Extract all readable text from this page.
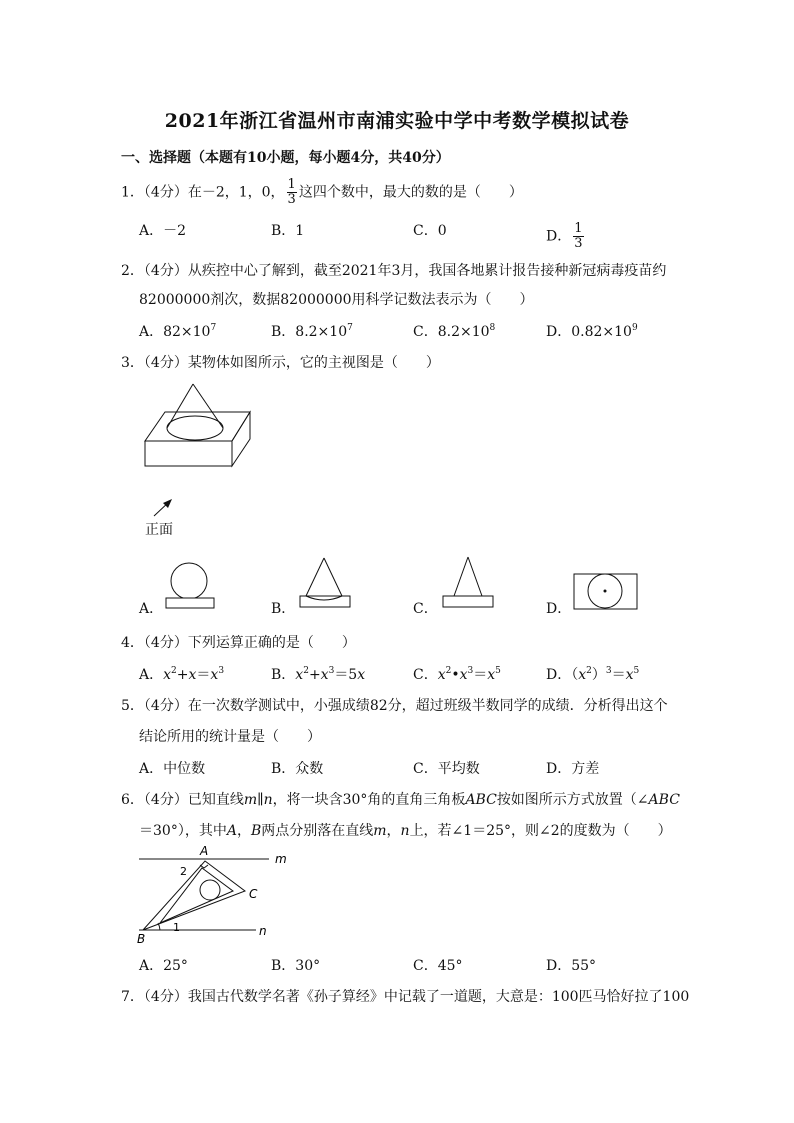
2021年浙江省温州市南浦实验中学中考数学模拟试卷
一、选择题（本题有10小题，每小题4分，共40分）
1．（4分）在－2，1，0， $\frac{1}{3}$ 这四个数中，最大的数的是（　　）
A．－2	B．1	C．0	D． $\frac{1}{3}$
2．（4分）从疾控中心了解到，截至2021年3月，我国各地累计报告接种新冠病毒疫苗约
82000000剂次，数据82000000用科学记数法表示为（　　）
A．$82\times 10^7$	B．$8.2\times 10^7$	C．$8.2\times 10^8$	D．$0.82\times 10^9$
3．（4分）某物体如图所示，它的主视图是（　　）
正面
A．	B．	C．	D．
4．（4分）下列运算正确的是（　　）
A．$x^2+x=x^3$	B．$x^2+x^3=5x$	C．$x^2•x^3=x^5$	D．$(x^2)^3=x^5$
5．（4分）在一次数学测试中，小强成绩82分，超过班级半数同学的成绩．分析得出这个
结论所用的统计量是（　　）
A．中位数	B．众数	C．平均数	D．方差
6．（4分）已知直线m∥n，将一块含30°角的直角三角板ABC按如图所示方式放置（∠ABC
＝30°），其中A，B两点分别落在直线m，n上，若∠1＝25°，则∠2的度数为（　　）
A
B
C
m
n
1
2
A．25°	B．30°	C．45°	D．55°
7．（4分）我国古代数学名著《孙子算经》中记载了一道题，大意是：100匹马恰好拉了100
